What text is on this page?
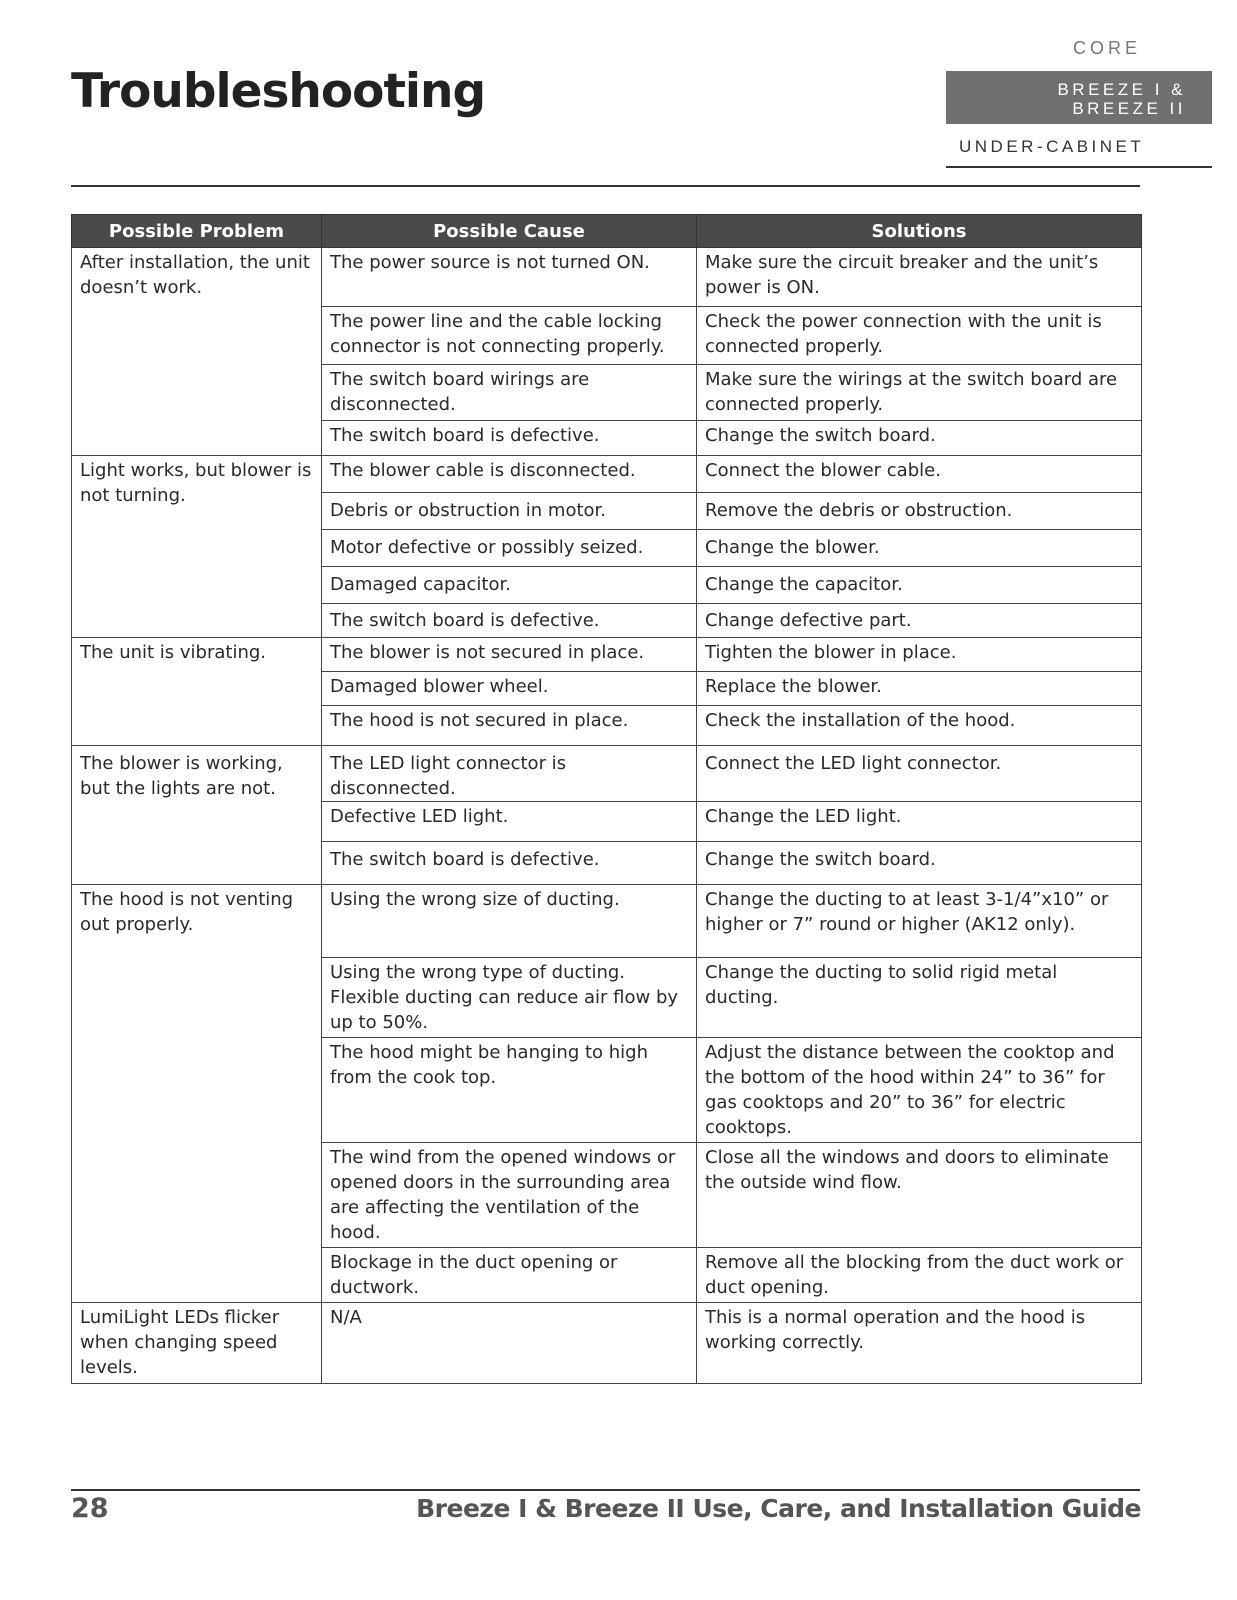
Troubleshooting
CORE
BREEZE I &
BREEZE II
UNDER-CABINET
Possible Problem	Possible Cause	Solutions
After installation, the unit doesn’t work.	The power source is not turned ON.	Make sure the circuit breaker and the unit’s power is ON.
	The power line and the cable locking connector is not connecting properly.	Check the power connection with the unit is connected properly.
	The switch board wirings are disconnected.	Make sure the wirings at the switch board are connected properly.
	The switch board is defective.	Change the switch board.
Light works, but blower is not turning.	The blower cable is disconnected.	Connect the blower cable.
	Debris or obstruction in motor.	Remove the debris or obstruction.
	Motor defective or possibly seized.	Change the blower.
	Damaged capacitor.	Change the capacitor.
	The switch board is defective.	Change defective part.
The unit is vibrating.	The blower is not secured in place.	Tighten the blower in place.
	Damaged blower wheel.	Replace the blower.
	The hood is not secured in place.	Check the installation of the hood.
The blower is working, but the lights are not.	The LED light connector is disconnected.	Connect the LED light connector.
	Defective LED light.	Change the LED light.
	The switch board is defective.	Change the switch board.
The hood is not venting out properly.	Using the wrong size of ducting.	Change the ducting to at least 3-1/4”x10” or higher or 7” round or higher (AK12 only).
	Using the wrong type of ducting. Flexible ducting can reduce air flow by up to 50%.	Change the ducting to solid rigid metal ducting.
	The hood might be hanging to high from the cook top.	Adjust the distance between the cooktop and the bottom of the hood within 24” to 36” for gas cooktops and 20” to 36” for electric cooktops.
	The wind from the opened windows or opened doors in the surrounding area are affecting the ventilation of the hood.	Close all the windows and doors to eliminate the outside wind flow.
	Blockage in the duct opening or ductwork.	Remove all the blocking from the duct work or duct opening.
LumiLight LEDs flicker when changing speed levels.	N/A	This is a normal operation and the hood is working correctly.
28	Breeze I & Breeze II Use, Care, and Installation Guide
